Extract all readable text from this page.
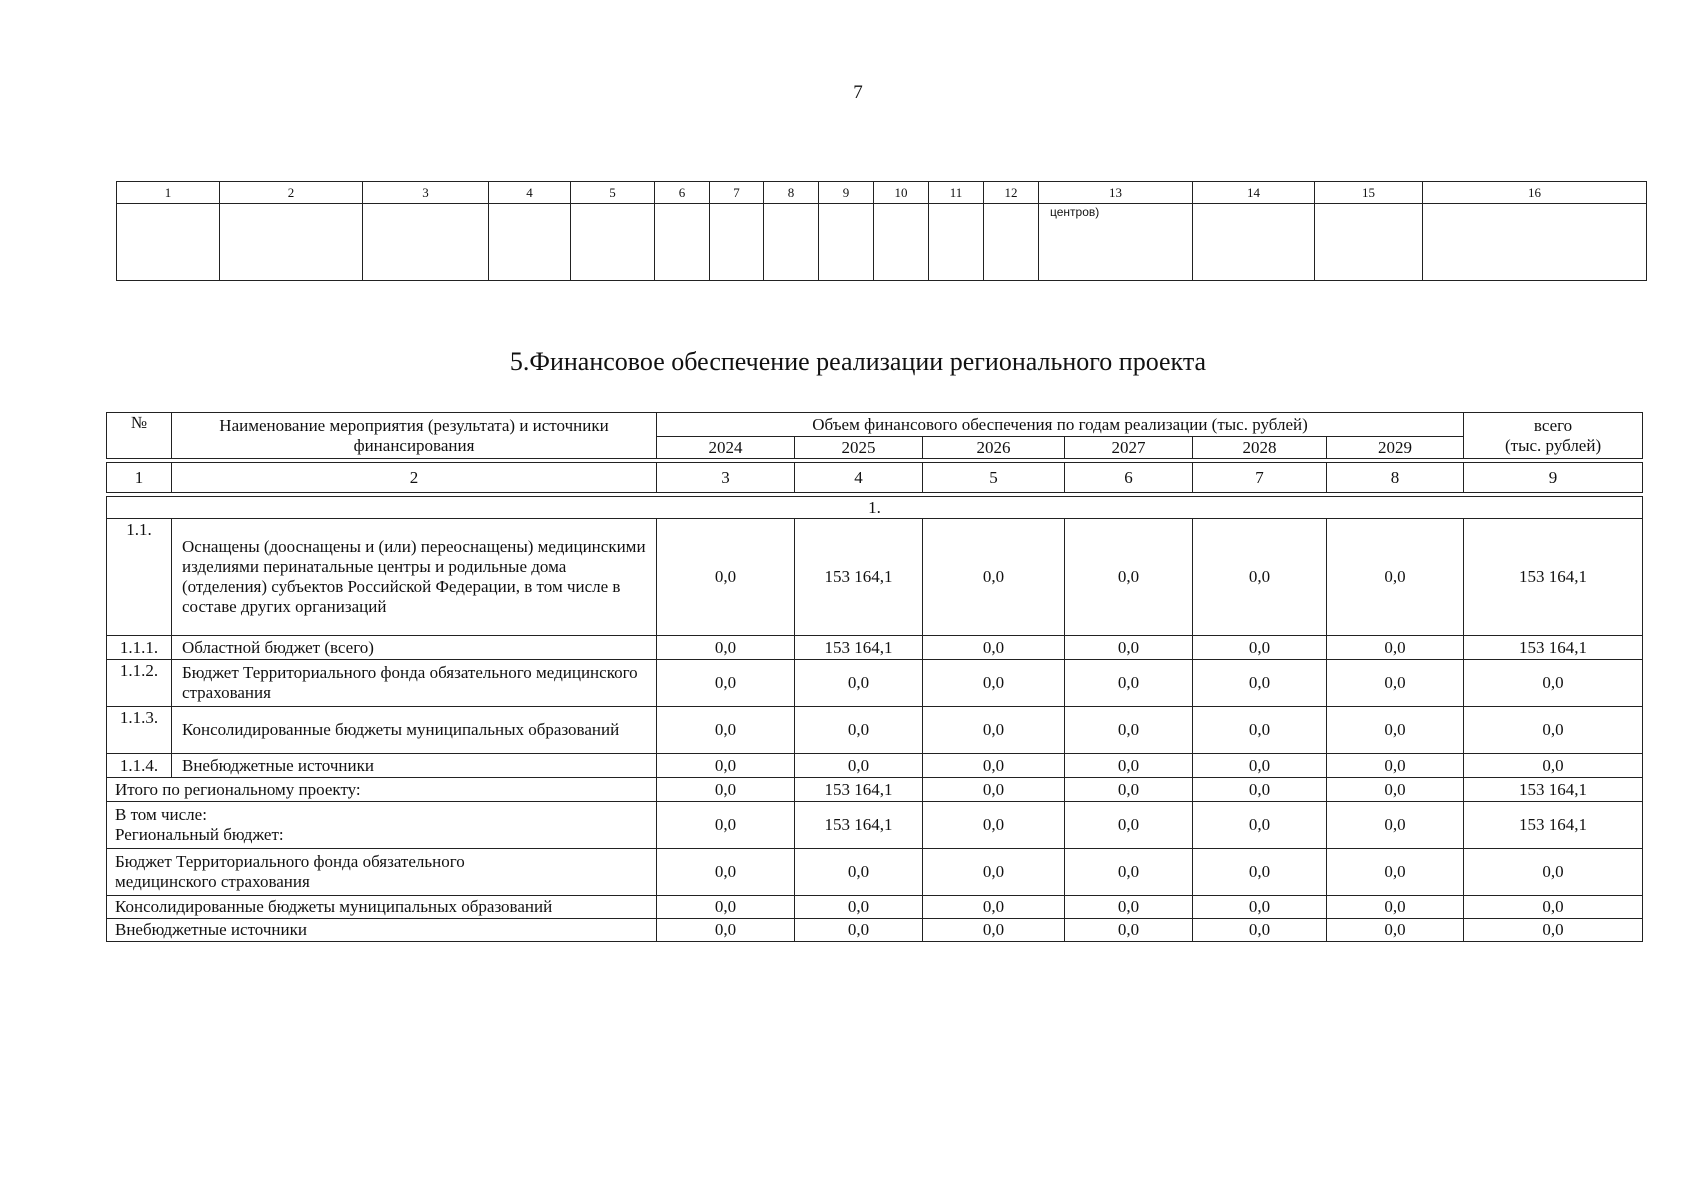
7
1	2	3	4	5	6	7	8	9	10	11	12	13	14	15	16
												центров)			
5.Финансовое обеспечение реализации регионального проекта
№	Наименование мероприятия (результата) и источники финансирования	Объем финансового обеспечения по годам реализации (тыс. рублей)						всего
(тыс. рублей)

		2024	2025	2026	2027	2028	2029	

1	2	3	4	5	6	7	8	9

1.								
1.1.	Оснащены (дооснащены и (или) переоснащены) медицинскими изделиями перинатальные центры и родильные дома (отделения) субъектов Российской Федерации, в том числе в составе других организаций	0,0	153 164,1	0,0	0,0	0,0	0,0	153 164,1
1.1.1.	Областной бюджет (всего)	0,0	153 164,1	0,0	0,0	0,0	0,0	153 164,1
1.1.2.	Бюджет Территориального фонда обязательного медицинского страхования	0,0	0,0	0,0	0,0	0,0	0,0	0,0
1.1.3.	Консолидированные бюджеты муниципальных образований	0,0	0,0	0,0	0,0	0,0	0,0	0,0
1.1.4.	Внебюджетные источники	0,0	0,0	0,0	0,0	0,0	0,0	0,0
Итого по региональному проекту:		0,0	153 164,1	0,0	0,0	0,0	0,0	153 164,1

В том числе:
Региональный бюджет:		0,0	153 164,1	0,0	0,0	0,0	0,0	153 164,1

Бюджет Территориального фонда обязательного медицинского страхования		0,0	0,0	0,0	0,0	0,0	0,0	0,0
Консолидированные бюджеты муниципальных образований		0,0	0,0	0,0	0,0	0,0	0,0	0,0
Внебюджетные источники		0,0	0,0	0,0	0,0	0,0	0,0	0,0
